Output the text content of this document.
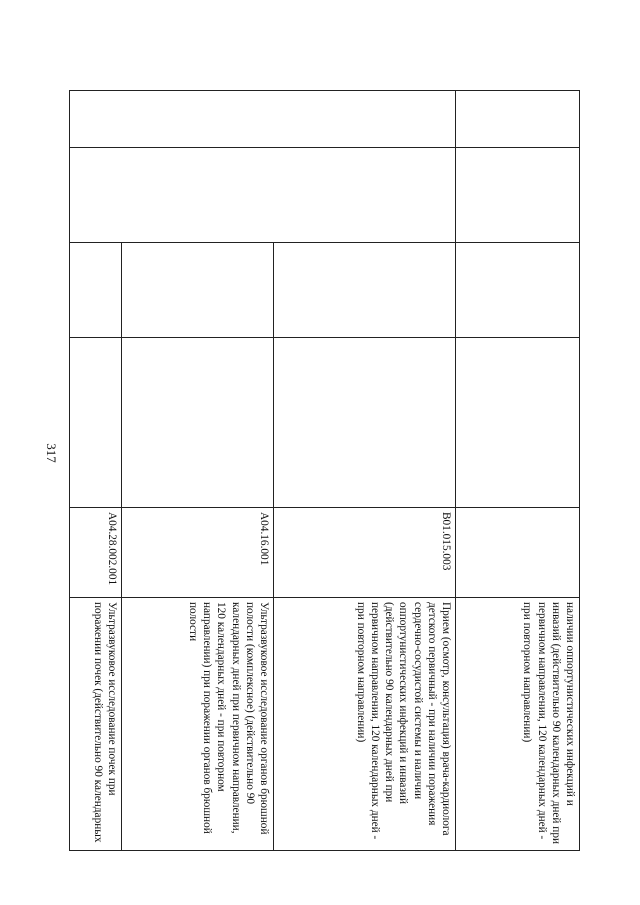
317
					наличии оппортунистических инфекций и инвазий (действительно 90 календарных дней при первичном направлении, 120 календарных дней - при повторном направлении)
				B01.015.003	Прием (осмотр, консультация) врача-кардиолога детского первичный - при наличии поражения сердечно-сосудистой системы и наличии оппортунистических инфекций и инвазий (действительно 90 календарных дней при первичном направлении, 120 календарных дней - при повторном направлении)
				A04.16.001	Ультразвуковое исследование органов брюшной полости (комплексное) (действительно 90 календарных дней при первичном направлении, 120 календарных дней - при повторном направлении) при поражении органов брюшной полости
				A04.28.002.001	Ультразвуковое исследование почек при поражении почек (действительно 90 календарных
